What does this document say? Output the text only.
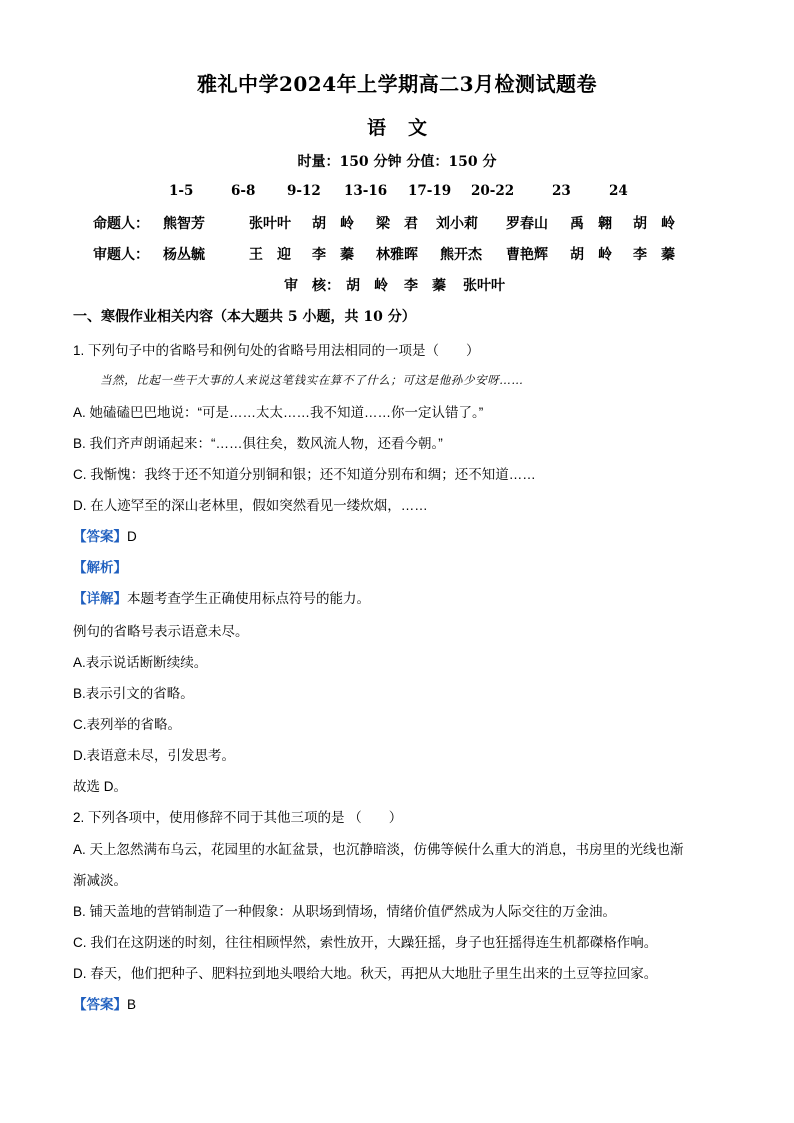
雅礼中学2024年上学期高二3月检测试题卷
语文
时量：150 分钟 分值：150 分
1-5	6-8 9-12 13-16 17-19 20-22	23	24
命题人： 熊智芳	张叶叶 胡　岭 梁　君 刘小莉 罗春山 禹　翱 胡　岭
审题人： 杨丛毓	王　迎 李　蓁 林雅晖 熊开杰 曹艳辉 胡　岭 李　蓁
审　核： 胡　岭 李　蓁 张叶叶
一、寒假作业相关内容（本大题共 5 小题，共 10 分）
1. 下列句子中的省略号和例句处的省略号用法相同的一项是（　　）
当然，比起一些干大事的人来说这笔钱实在算不了什么；可这是他孙少安呀……
A. 她磕磕巴巴地说：“可是……太太……我不知道……你一定认错了。”
B. 我们齐声朗诵起来：“……俱往矣，数风流人物，还看今朝。”
C. 我惭愧：我终于还不知道分别铜和银；还不知道分别布和绸；还不知道……
D. 在人迹罕至的深山老林里，假如突然看见一缕炊烟，……
【答案】D
【解析】
【详解】本题考查学生正确使用标点符号的能力。
例句的省略号表示语意未尽。
A.表示说话断断续续。
B.表示引文的省略。
C.表列举的省略。
D.表语意未尽，引发思考。
故选 D。
2. 下列各项中，使用修辞不同于其他三项的是 （　　）
A. 天上忽然满布乌云，花园里的水缸盆景，也沉静暗淡，仿佛等候什么重大的消息，书房里的光线也渐
渐减淡。
B. 铺天盖地的营销制造了一种假象：从职场到情场，情绪价值俨然成为人际交往的万金油。
C. 我们在这阴迷的时刻，往往相顾悍然，索性放开，大躁狂摇，身子也狂摇得连生机都磔格作响。
D. 春天，他们把种子、肥料拉到地头喂给大地。秋天，再把从大地肚子里生出来的土豆等拉回家。
【答案】B
